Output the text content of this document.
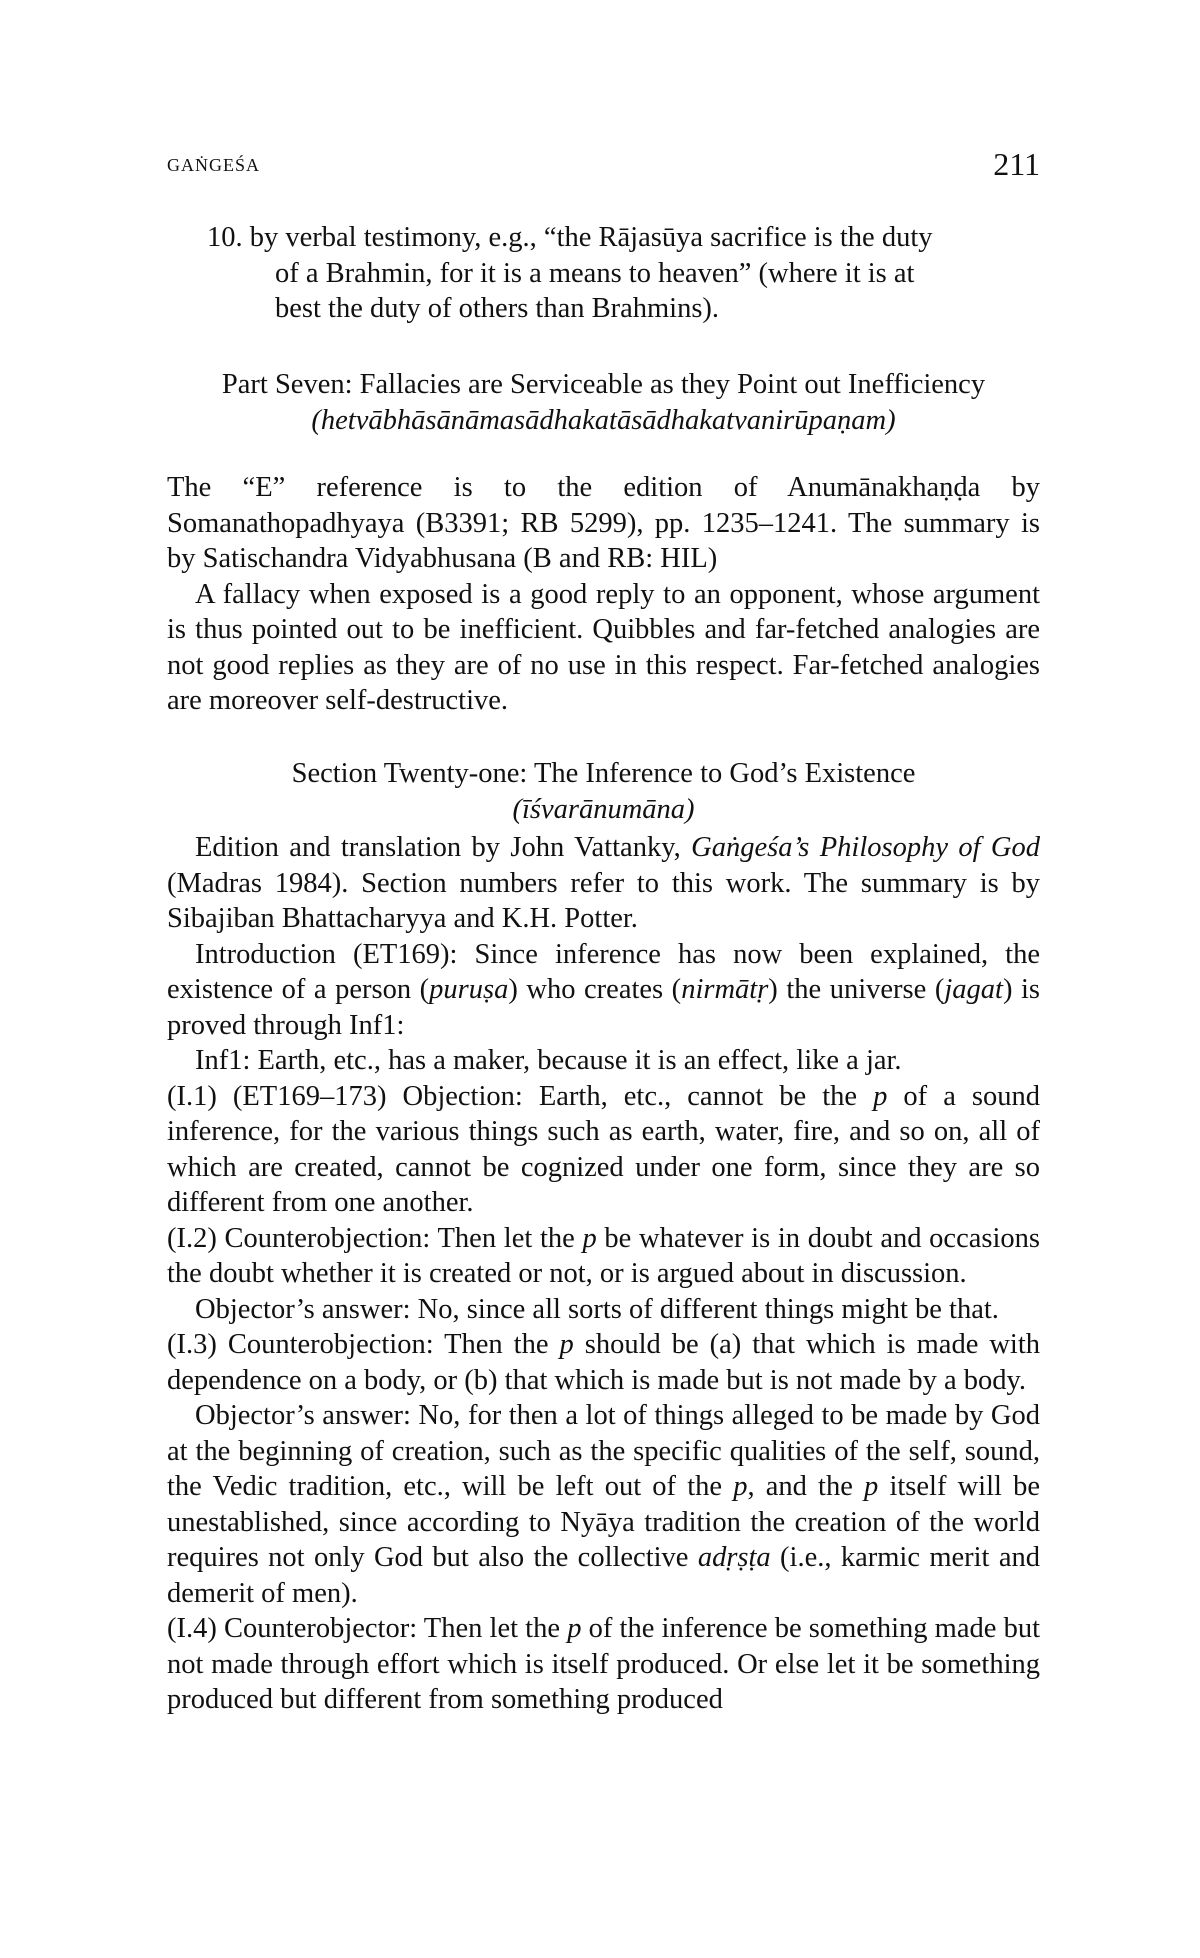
GAṄGEŚA	211
10. by verbal testimony, e.g., “the Rājasūya sacrifice is the duty
of a Brahmin, for it is a means to heaven” (where it is at
best the duty of others than Brahmins).
Part Seven: Fallacies are Serviceable as they Point out Inefficiency
(hetvābhāsānāmasādhakatāsādhakatvanirūpaṇam)

The “E” reference is to the edition of Anumānakhaṇḍa by Somanathopadhyaya (B3391; RB 5299), pp. 1235–1241. The summary is by Satischandra Vidyabhusana (B and RB: HIL)

A fallacy when exposed is a good reply to an opponent, whose argument is thus pointed out to be inefficient. Quibbles and far-fetched analogies are not good replies as they are of no use in this respect. Far-fetched analogies are moreover self-destructive.

Section Twenty-one: The Inference to God’s Existence
(īśvarānumāna)

Edition and translation by John Vattanky, Gaṅgeśa’s Philosophy of God (Madras 1984). Section numbers refer to this work. The summary is by Sibajiban Bhattacharyya and K.H. Potter.

Introduction (ET169): Since inference has now been explained, the existence of a person (puruṣa) who creates (nirmātṛ) the universe (jagat) is proved through Inf1:

Inf1: Earth, etc., has a maker, because it is an effect, like a jar.

(I.1) (ET169–173) Objection: Earth, etc., cannot be the p of a sound inference, for the various things such as earth, water, fire, and so on, all of which are created, cannot be cognized under one form, since they are so different from one another.

(I.2) Counterobjection: Then let the p be whatever is in doubt and occasions the doubt whether it is created or not, or is argued about in discussion.

Objector’s answer: No, since all sorts of different things might be that.

(I.3) Counterobjection: Then the p should be (a) that which is made with dependence on a body, or (b) that which is made but is not made by a body.

Objector’s answer: No, for then a lot of things alleged to be made by God at the beginning of creation, such as the specific qualities of the self, sound, the Vedic tradition, etc., will be left out of the p, and the p itself will be unestablished, since according to Nyāya tradition the creation of the world requires not only God but also the collective adṛṣṭa (i.e., karmic merit and demerit of men).

(I.4) Counterobjector: Then let the p of the inference be something made but not made through effort which is itself produced. Or else let it be something produced but different from something produced
